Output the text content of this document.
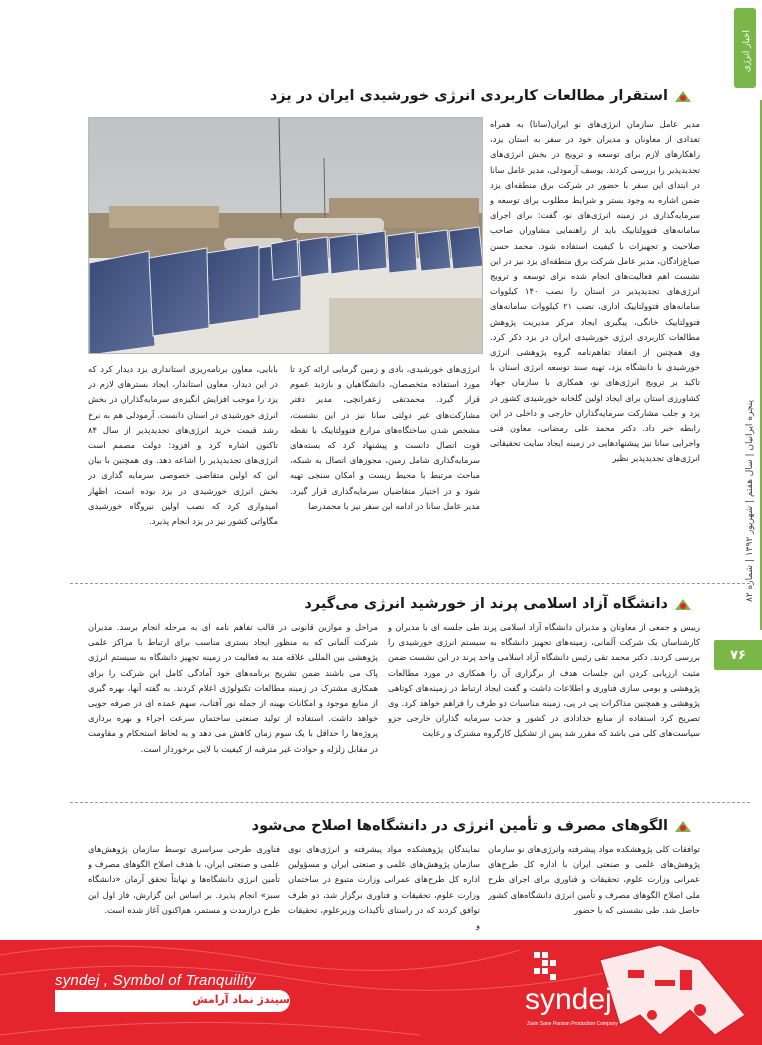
اخبار انرژی
پنجره ایرانیان | سال هفتم | شهریور ۱۳۹۲ | شماره ۸۲
۷۶
استقرار مطالعات کاربردی انرژی خورشیدی ایران در یزد

مدیر عامل سازمان انرژی‌های نو ایران(سانا) به همراه تعدادی از معاونان و مدیران خود در سفر به استان یزد، راهکارهای لازم برای توسعه و ترویج در بخش انرژی‌های تجدیدپذیر را بررسی کردند. یوسف آرمودلی، مدیر عامل سانا در ابتدای این سفر با حضور در شرکت برق منطقه‌ای یزد ضمن اشاره به وجود بستر و شرایط مطلوب برای توسعه و سرمایه‌گذاری در زمینه انرژی‌های نو، گفت: برای اجرای سامانه‌های فتوولتاییک باید از راهنمایی مشاوران صاحب صلاحیت و تجهیزات با کیفیت استفاده شود. محمد حسن صباغ‌زادگان، مدیر عامل شرکت برق منطقه‌ای یزد نیز در این نشست اهم فعالیت‌های انجام شده برای توسعه و ترویج انرژی‌های تجدیدپذیر در استان را نصب ۱۴۰ کیلووات سامانه‌های فتوولتاییک اداری، نصب ۲۱ کیلووات سامانه‌های فتوولتاییک خانگی، پیگیری ایجاد مرکز مدیریت پژوهش مطالعات کاربردی انرژی خورشیدی ایران در یزد ذکر کرد. وی همچنین از انعقاد تفاهم‌نامه گروه پژوهشی انرژی خورشیدی با دانشگاه یزد، تهیه سند توسعه انرژی استان با تاکید بر ترویج انرژی‌های نو، همکاری با سازمان جهاد کشاورزی استان برای ایجاد اولین گلخانه خورشیدی کشور در یزد و جلب مشارکت سرمایه‌گذاران خارجی و داخلی در این رابطه خبر داد. دکتر محمد علی رمضانی، معاون فنی واجرایی سانا نیز پیشنهادهایی در زمینه ایجاد سایت تحقیقاتی انرژی‌های تجدیدپذیر نظیر

انرژی‌های خورشیدی، بادی و زمین گرمایی ارائه کرد تا مورد استفاده متخصصان، دانشگاهیان و بازدید عموم قرار گیرد. محمدتقی زعفرانچی، مدیر دفتر مشارکت‌های غیر دولتی سانا نیز در این نشست، مشخص شدن ساختگاه‌های مزارع فتوولتاییک با نقطه قوت اتصال دانست و پیشنهاد کرد که بسته‌های سرمایه‌گذاری شامل زمین، مجوزهای اتصال به شبکه، مباحث مرتبط با محیط زیست و امکان سنجی تهیه شود و در اختیار متقاضیان سرمایه‌گذاری قرار گیرد. مدیر عامل سانا در ادامه این سفر نیز با محمدرضا

بابایی، معاون برنامه‌ریزی استانداری یزد دیدار کرد که در این دیدار، معاون استاندار، ایجاد بسترهای لازم در یزد را موجب افزایش انگیزه‌ی سرمایه‌گذاران در بخش انرژی خورشیدی در استان دانست. آرمودلی هم به نرخ رشد قیمت خرید انرژی‌های تجدیدپذیر از سال ۸۴ تاکنون اشاره کرد و افزود: دولت مصمم است انرژی‌های تجدیدپذیر را اشاعه دهد. وی همچنین با بیان این که اولین متقاضی خصوصی سرمایه گذاری در بخش انرژی خورشیدی در یزد بوده است، اظهار امیدواری کرد که نصب اولین نیروگاه خورشیدی مگاواتی کشور نیز در یزد انجام پذیرد.

دانشگاه آزاد اسلامی پرند از خورشید انرژی می‌گیرد

رییس و جمعی از معاونان و مدیران دانشگاه آزاد اسلامی پرند طی جلسه ای با مدیران و کارشناسان یک شرکت آلمانی، زمینه‌های تجهیز دانشگاه به سیستم انرژی خورشیدی را بررسی کردند. دکتر محمد تقی رئیس دانشگاه آزاد اسلامی واحد پرند در این نشست ضمن مثبت ارزیابی کردن این جلسات هدف از برگزاری آن را همکاری در مورد مطالعات پژوهشی و بومی سازی فناوری و اطلاعات داشت و گفت ایجاد ارتباط در زمینه‌های کوتاهی پژوهشی و همچنین مذاکرات پی در پی، زمینه مناسبات دو طرف را فراهم خواهد کرد. وی تصریح کرد استفاده از منابع خدادادی در کشور و جذب سرمایه گذاران خارجی جزو سیاست‌های کلی می باشد که مقرر شد پس از تشکیل کارگروه مشترک و رعایت

مراحل و موازین قانونی در قالب تفاهم نامه ای به مرحله انجام برسد. مدیران شرکت آلمانی که به منظور ایجاد بستری مناسب برای ارتباط با مراکز علمی پژوهشی بین المللی علاقه مند به فعالیت در زمینه تجهیز دانشگاه به سیستم انرژی پاک می باشند ضمن تشریح برنامه‌های خود آمادگی کامل این شرکت را برای همکاری مشترک در زمینه مطالعات تکنولوژی اعلام کردند. به گفته آنها، بهره گیری از منابع موجود و امکانات بهینه از جمله نور آفتاب، سهم عمده ای در صرفه جویی خواهد داشت. استفاده از تولید صنعتی ساختمان سرعت اجراء و بهره برداری پروژه‌ها را حداقل با یک سوم زمان کاهش می دهد و به لحاظ استحکام و مقاومت در مقابل زلزله و حوادث غیر مترقبه از کیفیت با لایی برخوردار است.

الگوهای مصرف و تأمین انرژی در دانشگاه‌ها اصلاح می‌شود

توافقات کلی پژوهشکده مواد پیشرفته وانرژی‌های نو سازمان پژوهش‌های علمی و صنعتی ایران با اداره کل طرح‌های عمرانی وزارت علوم، تحقیقات و فناوری برای اجرای طرح ملی اصلاح الگوهای مصرف و تأمین انرژی دانشگاه‌های کشور حاصل شد. طی نشستی که با حضور

نمایندگان پژوهشکده مواد پیشرفته و انرژی‌های نوی سازمان پژوهش‌های علمی و صنعتی ایران و مسؤولین اداره کل طرح‌های عمرانی وزارت متبوع در ساختمان وزارت علوم، تحقیقات و فناوری برگزار شد، دو طرف توافق کردند که در راستای تأکیدات وزیرعلوم، تحقیقات و

فناوری طرحی سراسری توسط سازمان پژوهش‌های علمی و صنعتی ایران، با هدف اصلاح الگوهای مصرف و تأمین انرژی دانشگاه‌ها و نهایتاً تحقق آرمان «دانشگاه سبز» انجام پذیرد. بر اساس این گزارش، فاز اول این طرح درازمدت و مستمر، هم‌اکنون آغاز شده است.

syndej , Symbol of Tranquility
سیندژ نماد آرامش	syndej
Zarin Sane Parsian Production Company
